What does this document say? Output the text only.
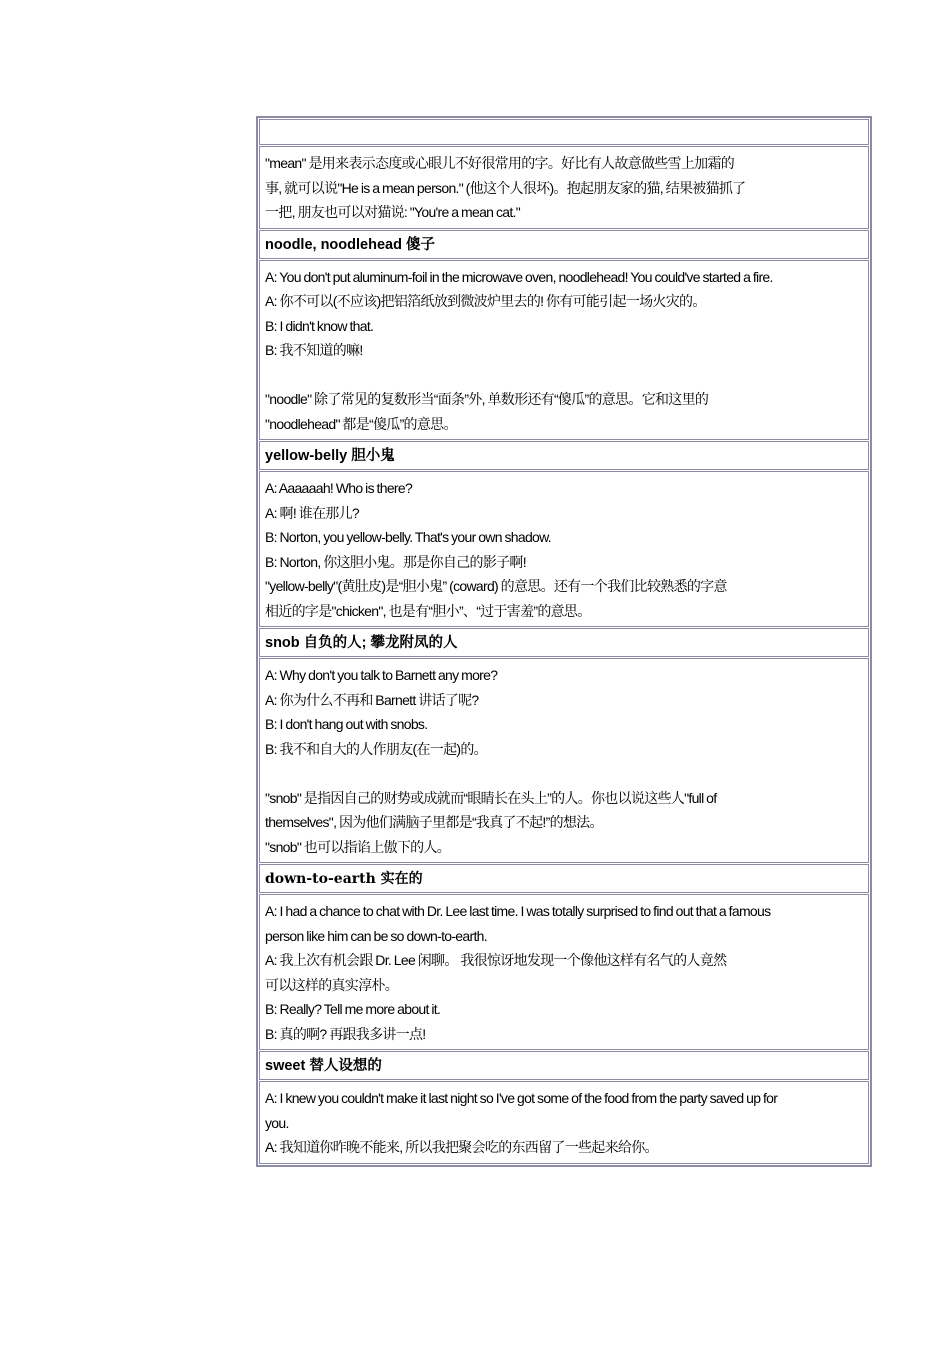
"mean" 是用来表示态度或心眼儿不好很常用的字。好比有人故意做些雪上加霜的
事, 就可以说"He is a mean person." (他这个人很坏)。抱起朋友家的猫, 结果被猫抓了
一把, 朋友也可以对猫说: "You're a mean cat."
noodle, noodlehead 傻子
A: You don't put aluminum-foil in the microwave oven, noodlehead! You could've started a fire.
A: 你不可以(不应该)把铝箔纸放到微波炉里去的! 你有可能引起一场火灾的。
B: I didn't know that.
B: 我不知道的嘛!
"noodle" 除了常见的复数形当“面条”外, 单数形还有“傻瓜”的意思。它和这里的
"noodlehead" 都是“傻瓜”的意思。
yellow-belly 胆小鬼
A: Aaaaaah! Who is there?
A: 啊! 谁在那儿?
B: Norton, you yellow-belly. That's your own shadow.
B: Norton, 你这胆小鬼。那是你自己的影子啊!
"yellow-belly"(黄肚皮)是“胆小鬼” (coward) 的意思。还有一个我们比较熟悉的字意
相近的字是"chicken", 也是有“胆小”、“过于害羞”的意思。
snob 自负的人; 攀龙附凤的人
A: Why don't you talk to Barnett any more?
A: 你为什么不再和 Barnett 讲话了呢?
B: I don't hang out with snobs.
B: 我不和自大的人作朋友(在一起)的。
"snob" 是指因自己的财势或成就而“眼睛长在头上”的人。你也以说这些人"full of
themselves", 因为他们满脑子里都是“我真了不起!”的想法。
"snob" 也可以指谄上傲下的人。
down-to-earth 实在的
A: I had a chance to chat with Dr. Lee last time. I was totally surprised to find out that a famous
person like him can be so down-to-earth.
A: 我上次有机会跟 Dr. Lee 闲聊。 我很惊讶地发现一个像他这样有名气的人竟然
可以这样的真实淳朴。
B: Really? Tell me more about it.
B: 真的啊? 再跟我多讲一点!
sweet 替人设想的
A: I knew you couldn't make it last night so I've got some of the food from the party saved up for
you.
A: 我知道你昨晚不能来, 所以我把聚会吃的东西留了一些起来给你。
